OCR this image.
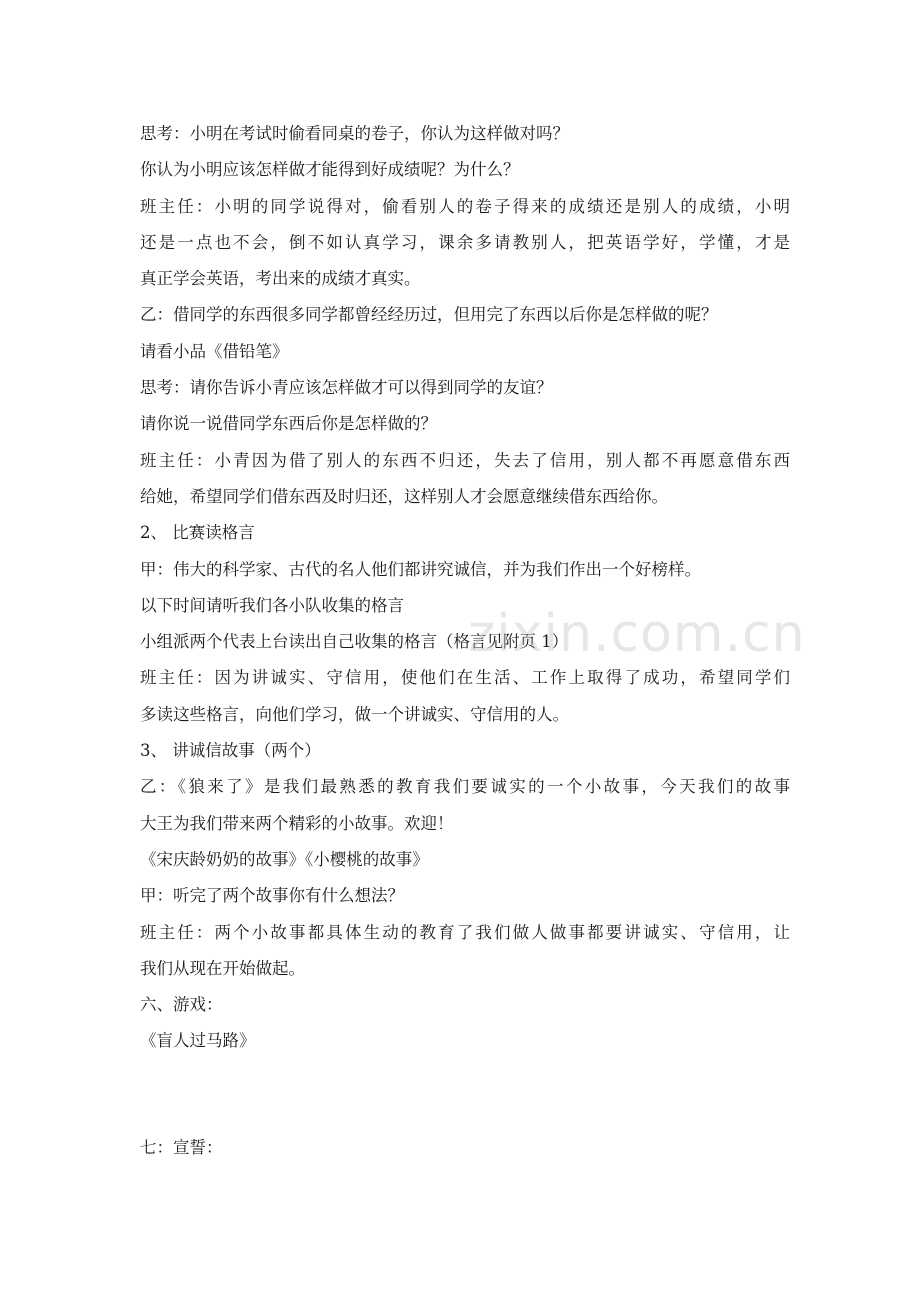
思考：小明在考试时偷看同桌的卷子，你认为这样做对吗？

你认为小明应该怎样做才能得到好成绩呢？为什么？

班主任：小明的同学说得对，偷看别人的卷子得来的成绩还是别人的成绩，小明

还是一点也不会，倒不如认真学习，课余多请教别人，把英语学好，学懂，才是

真正学会英语，考出来的成绩才真实。

乙：借同学的东西很多同学都曾经经历过，但用完了东西以后你是怎样做的呢？

请看小品《借铅笔》

思考：请你告诉小青应该怎样做才可以得到同学的友谊？

请你说一说借同学东西后你是怎样做的？

班主任：小青因为借了别人的东西不归还，失去了信用，别人都不再愿意借东西

给她，希望同学们借东西及时归还，这样别人才会愿意继续借东西给你。

2、 比赛读格言

甲：伟大的科学家、古代的名人他们都讲究诚信，并为我们作出一个好榜样。

以下时间请听我们各小队收集的格言

小组派两个代表上台读出自己收集的格言（格言见附页 1）

班主任：因为讲诚实、守信用，使他们在生活、工作上取得了成功，希望同学们

多读这些格言，向他们学习，做一个讲诚实、守信用的人。

3、 讲诚信故事（两个）

乙：《狼来了》是我们最熟悉的教育我们要诚实的一个小故事，今天我们的故事

大王为我们带来两个精彩的小故事。欢迎！

《宋庆龄奶奶的故事》《小樱桃的故事》

甲：听完了两个故事你有什么想法？

班主任：两个小故事都具体生动的教育了我们做人做事都要讲诚实、守信用，让

我们从现在开始做起。

六、游戏：

《盲人过马路》

七：宣誓：

zixin.com.cn
